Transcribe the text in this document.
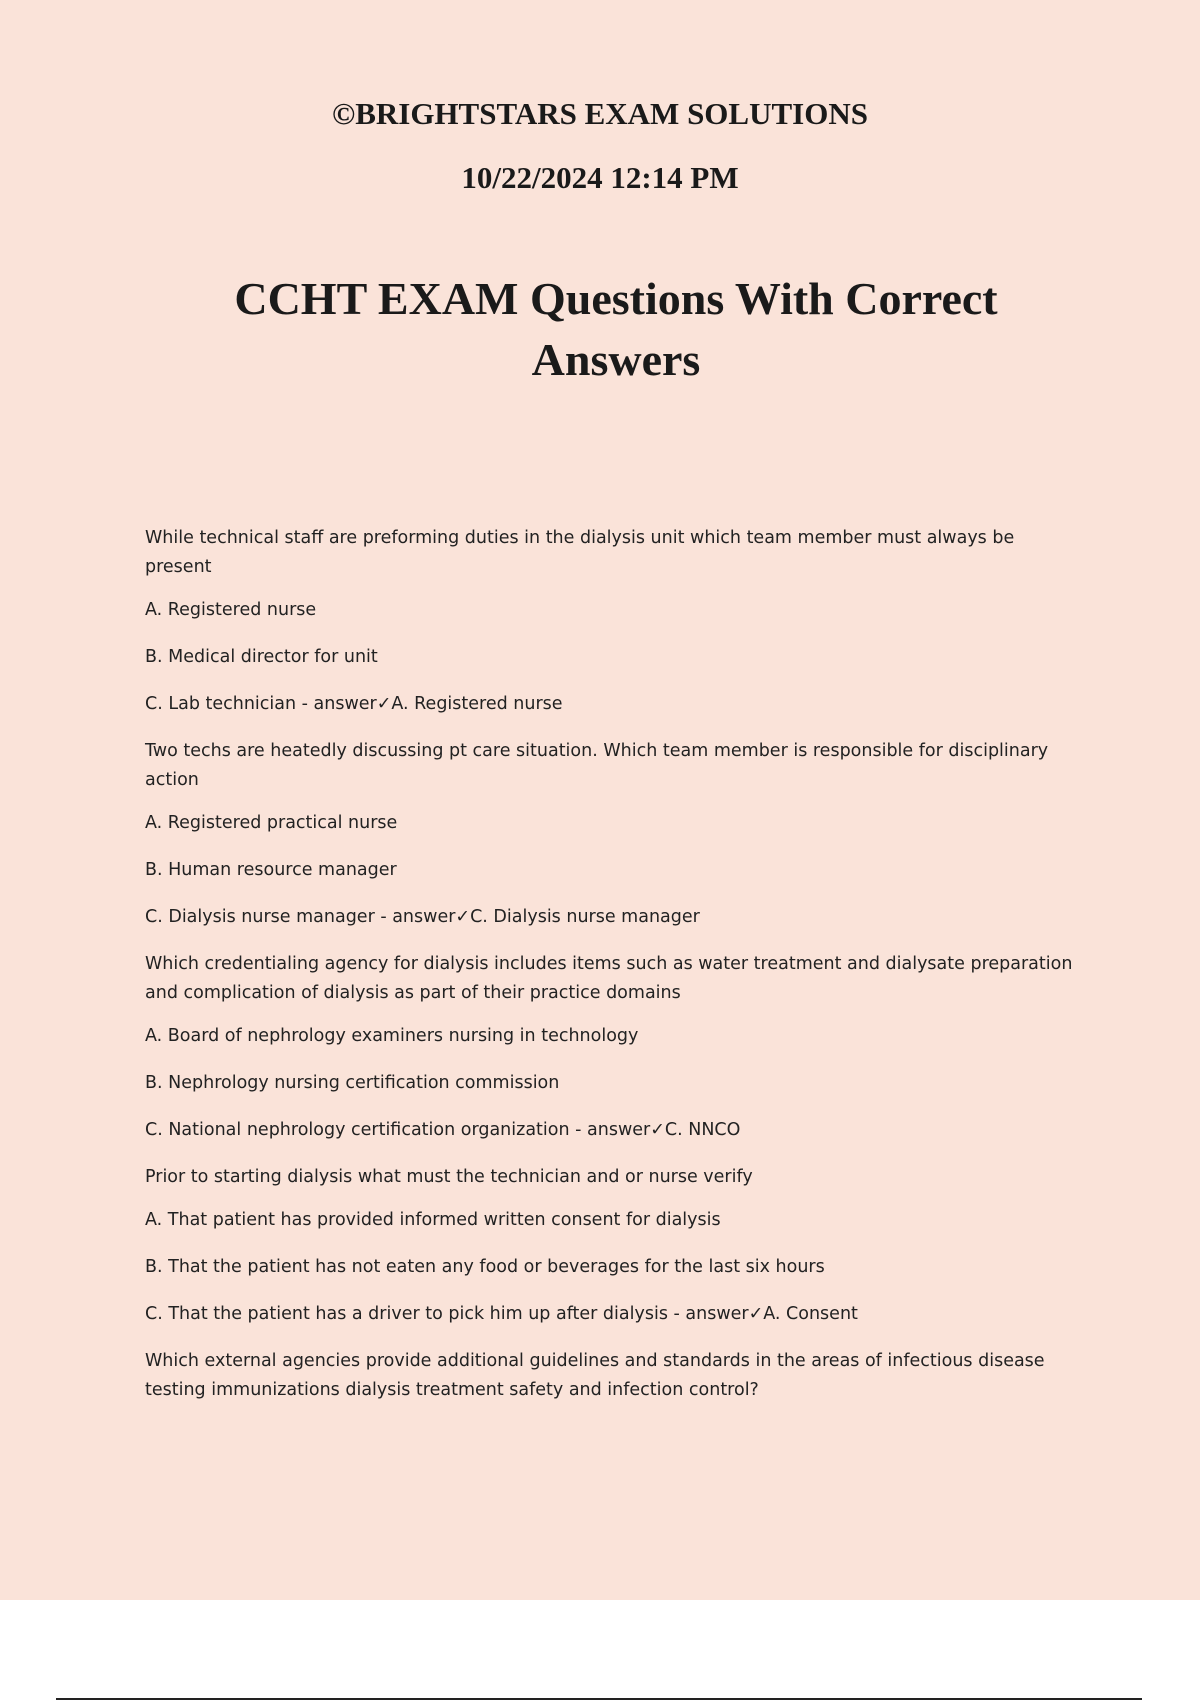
©BRIGHTSTARS EXAM SOLUTIONS

10/22/2024 12:14 PM

CCHT EXAM Questions With Correct Answers

While technical staff are preforming duties in the dialysis unit which team member must always be present

A. Registered nurse

B. Medical director for unit

C. Lab technician - answer✓A. Registered nurse

Two techs are heatedly discussing pt care situation. Which team member is responsible for disciplinary action

A. Registered practical nurse

B. Human resource manager

C. Dialysis nurse manager - answer✓C. Dialysis nurse manager

Which credentialing agency for dialysis includes items such as water treatment and dialysate preparation and complication of dialysis as part of their practice domains

A. Board of nephrology examiners nursing in technology

B. Nephrology nursing certification commission

C. National nephrology certification organization - answer✓C. NNCO

Prior to starting dialysis what must the technician and or nurse verify

A. That patient has provided informed written consent for dialysis

B. That the patient has not eaten any food or beverages for the last six hours

C. That the patient has a driver to pick him up after dialysis - answer✓A. Consent

Which external agencies provide additional guidelines and standards in the areas of infectious disease testing immunizations dialysis treatment safety and infection control?
